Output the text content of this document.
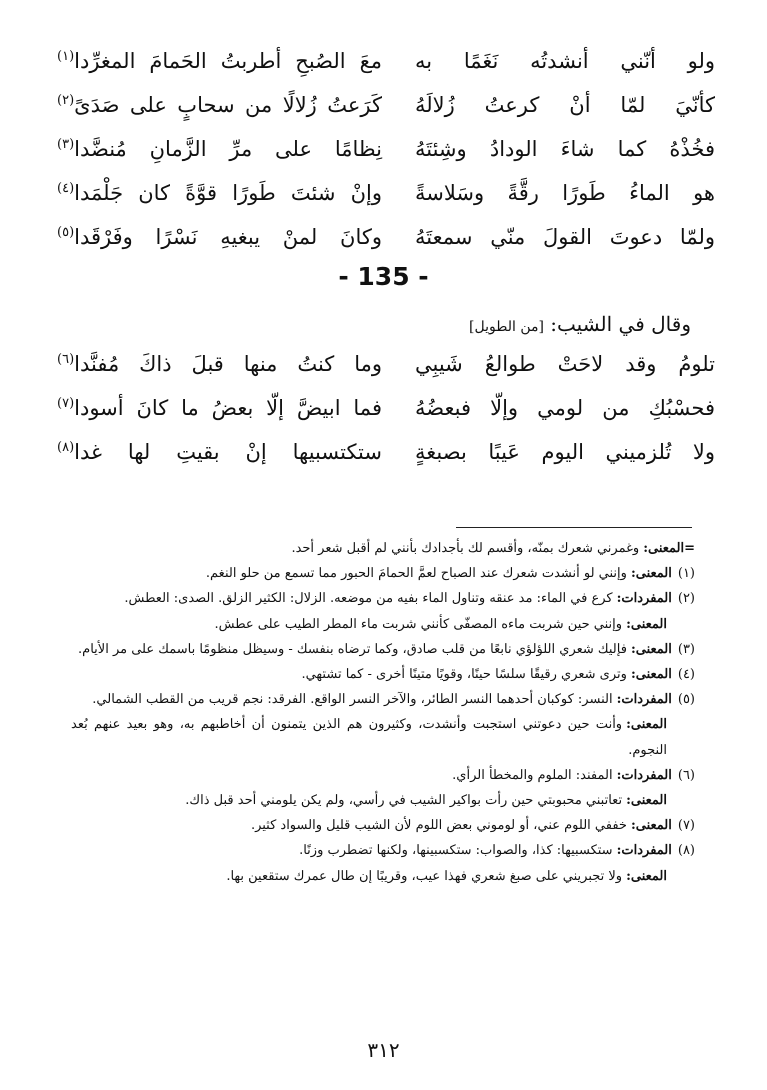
ولو أنّني أنشدتُه نَغَمًا به
معَ الصُبحِ أطربتُ الحَمامَ المغرِّدا$^{(١)}$
كأنّيَ لمّا أنْ كرعتُ زُلالَهُ
كَرَعتُ زُلالًا من سحابٍ على صَدَىً$^{(٢)}$
فخُذْهُ كما شاءَ الودادُ وشِئتَهُ
نِظامًا على مرِّ الزَّمانِ مُنضَّدا$^{(٣)}$
هو الماءُ طَورًا رقَّةً وسَلاسةً
وإنْ شئتَ طَورًا قوَّةً كان جَلْمَدا$^{(٤)}$
ولمّا دعوتَ القولَ منّي سمعتَهُ
وكانَ لمنْ يبغيهِ نَسْرًا وفَرْقَدا$^{(٥)}$
- 135 -
وقال في الشيب: [من الطويل]
تلومُ وقد لاحَتْ طوالعُ شَيبِي
وما كنتُ منها قبلَ ذاكَ مُفنَّدا$^{(٦)}$
فحسْبُكِ من لومي وإلّا فبعضُهُ
فما ابيضَّ إلّا بعضُ ما كانَ أسودا$^{(٧)}$
ولا تُلزميني اليوم عَيبًا بصبغةٍ
ستكتسبيها إنْ بقيتِ لها غدا$^{(٨)}$

=المعنى:وغمرني شعرك بمنّه، وأقسم لك بأجدادك بأنني لم أقبل شعر أحد.

(١)المعنى:وإنني لو أنشدت شعرك عند الصباح لعمَّ الحمامَ الحبور مما تسمع من حلو النغم.

(٢)المفردات:كرع في الماء: مد عنقه وتناول الماء بفيه من موضعه. الزلال: الكثير الزلق. الصدى: العطش.

المعنى:وإنني حين شربت ماءه المصفّى كأنني شربت ماء المطر الطيب على عطش.

(٣)المعنى:فإليك شعري اللؤلؤي نابعًا من قلب صادق، وكما ترضاه بنفسك - وسيظل منظومًا باسمك على مر الأيام.

(٤)المعنى:وترى شعري رقيقًا سلسًا حينًا، وقويًا متينًا أخرى - كما تشتهي.

(٥)المفردات:النسر: كوكبان أحدهما النسر الطائر، والآخر النسر الواقع. الفرقد: نجم قريب من القطب الشمالي.

المعنى:وأنت حين دعوتني استجبت وأنشدت، وكثيرون هم الذين يتمنون أن أخاطبهم به، وهو بعيد عنهم بُعد النجوم.

(٦)المفردات:المفند: الملوم والمخطأ الرأي.

المعنى:تعاتبني محبوبتي حين رأت بواكير الشيب في رأسي، ولم يكن يلومني أحد قبل ذاك.

(٧)المعنى:خففي اللوم عني، أو لوموني بعض اللوم لأن الشيب قليل والسواد كثير.

(٨)المفردات:ستكسبيها: كذا، والصواب: ستكسبينها، ولكنها تضطرب وزنًا.

المعنى:ولا تجبريني على صبغ شعري فهذا عيب، وقريبًا إن طال عمرك ستقعين بها.

٣١٢
